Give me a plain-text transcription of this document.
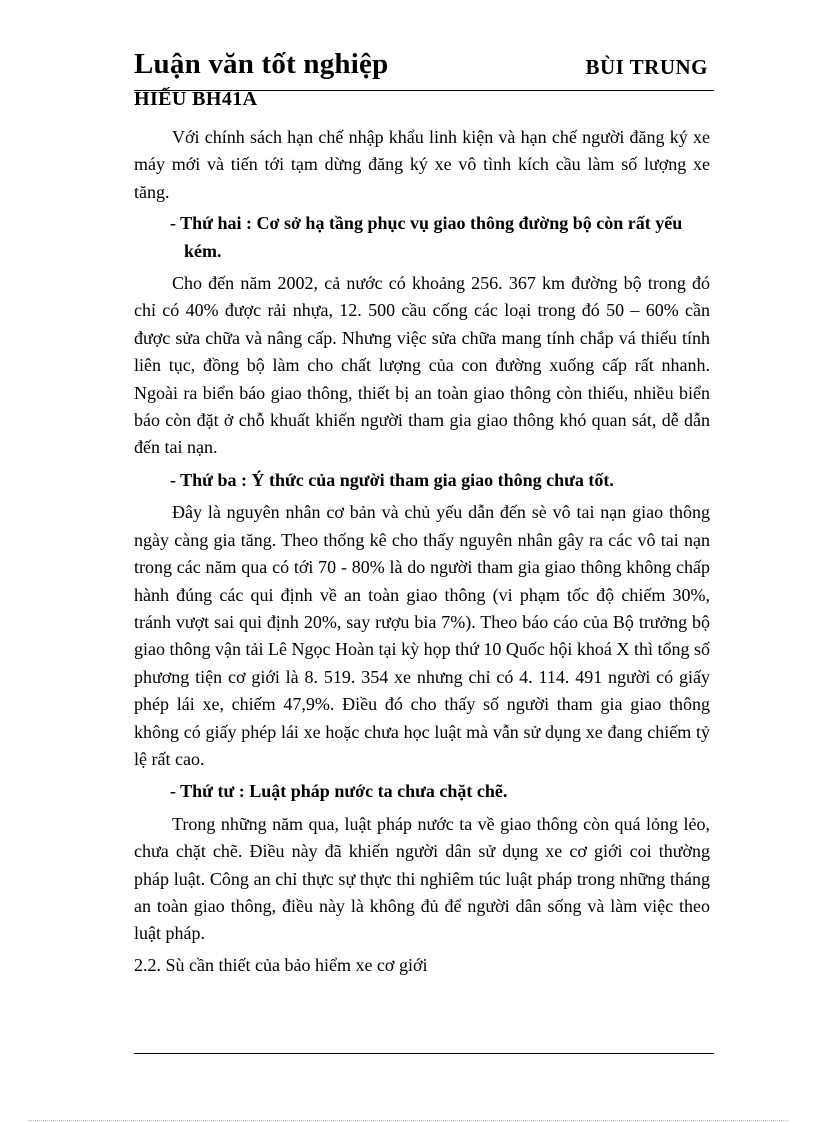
Luận văn tốt nghiệp	BÙI TRUNG
HIẾU BH41A

Với chính sách hạn chế nhập khẩu linh kiện và hạn chế người đăng ký xe máy mới và tiến tới tạm dừng đăng ký xe vô tình kích cầu làm số lượng xe tăng.

- Thứ hai : Cơ sở hạ tầng phục vụ giao thông đường bộ còn rất yếu kém.

Cho đến năm 2002, cả nước có khoảng 256. 367 km đường bộ trong đó chỉ có 40% được rải nhựa, 12. 500 cầu cống các loại trong đó 50 – 60% cần được sửa chữa và nâng cấp. Nhưng việc sửa chữa mang tính chắp vá thiếu tính liên tục, đồng bộ làm cho chất lượng của con đường xuống cấp rất nhanh. Ngoài ra biển báo giao thông, thiết bị an toàn giao thông còn thiếu, nhiều biển báo còn đặt ở chỗ khuất khiến người tham gia giao thông khó quan sát, dễ dẫn đến tai nạn.

- Thứ ba : Ý thức của người tham gia giao thông chưa tốt.

Đây là nguyên nhân cơ bản và chủ yếu dẫn đến sè vô tai nạn giao thông ngày càng gia tăng. Theo thống kê cho thấy nguyên nhân gây ra các vô tai nạn trong các năm qua có tới 70 - 80% là do người tham gia giao thông không chấp hành đúng các qui định về an toàn giao thông (vi phạm tốc độ chiếm 30%, tránh vượt sai qui định 20%, say rượu bia 7%). Theo báo cáo của Bộ trưởng bộ giao thông vận tải Lê Ngọc Hoàn tại kỳ họp thứ 10 Quốc hội khoá X thì tổng số phương tiện cơ giới là 8. 519. 354 xe nhưng chỉ có 4. 114. 491 người có giấy phép lái xe, chiếm 47,9%. Điều đó cho thấy số người tham gia giao thông không có giấy phép lái xe hoặc chưa học luật mà vẫn sử dụng xe đang chiếm tỷ lệ rất cao.

- Thứ tư : Luật pháp nước ta chưa chặt chẽ.

Trong những năm qua, luật pháp nước ta về giao thông còn quá lỏng lẻo, chưa chặt chẽ. Điều này đã khiến người dân sử dụng xe cơ giới coi thường pháp luật. Công an chỉ thực sự thực thi nghiêm túc luật pháp trong những tháng an toàn giao thông, điều này là không đủ để người dân sống và làm việc theo luật pháp.

2.2. Sù cần thiết của bảo hiểm xe cơ giới
